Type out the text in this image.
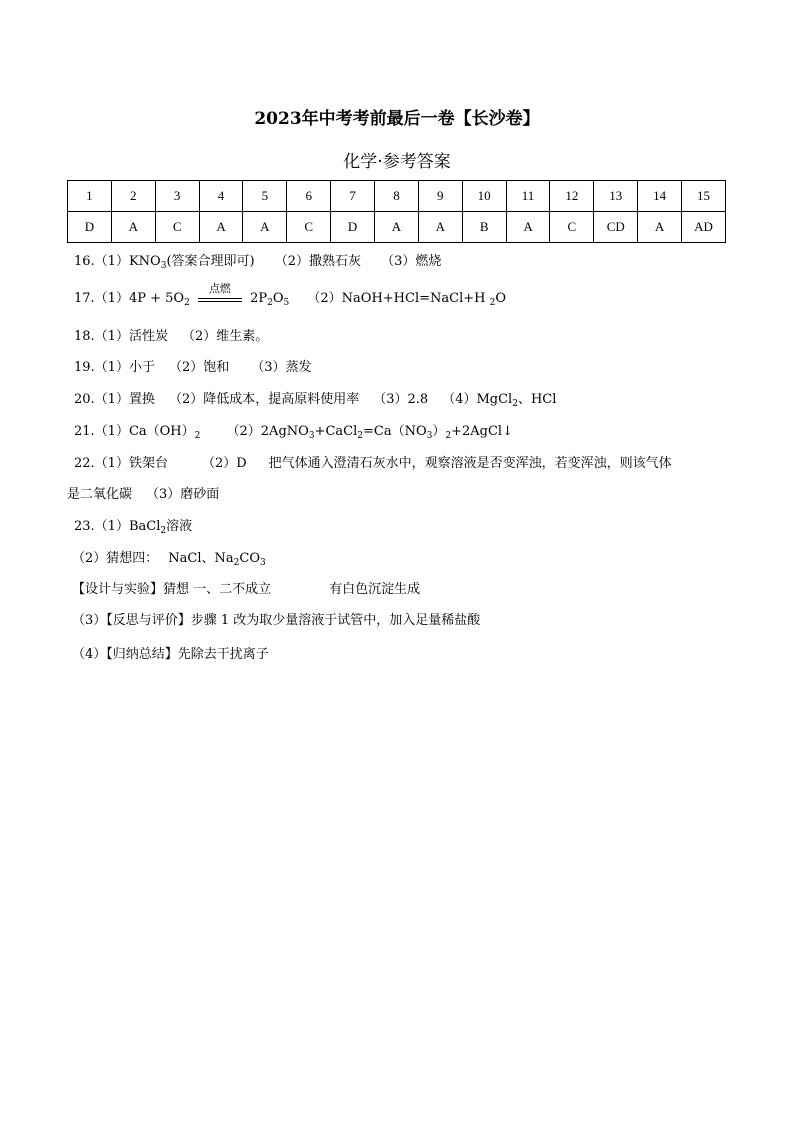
2023年中考考前最后一卷【长沙卷】
化学·参考答案
1	2	3	4	5	6	7	8	9	10	11	12	13	14	15
D	A	C	A	A	C	D	A	A	B	A	C	CD	A	AD
$16.(1)KNO_3$(答案合理即可) （2）撒熟石灰 （3）燃烧
$17.(1)4P + 5O_2$
点燃
$2P_2O_5$ （2）NaOH+HCl=NaCl+H $_2$O
18.（1）活性炭 （2）维生素。
19.（1）小于 （2）饱和 （3）蒸发
20.（1）置换 （2）降低成本，提高原料使用率 （3）2.8 （4）MgCl$_2$、HCl
$21.(1)Ca(OH)_2$ $(2)2AgNO_3+CaCl_2=Ca(NO_3)_2+2AgCl↓$
22.（1）铁架台	（2）D 把气体通入澄清石灰水中，观察溶液是否变浑浊，若变浑浊，则该气体
是二氧化碳 （3）磨砂面
23.（1）BaCl$_2$溶液
（2）猜想四： NaCl、$Na_2CO_3$
【设计与实验】猜想 一、二不成立	有白色沉淀生成
（3）【反思与评价】步骤 1 改为取少量溶液于试管中，加入足量稀盐酸
（4）【归纳总结】先除去干扰离子
